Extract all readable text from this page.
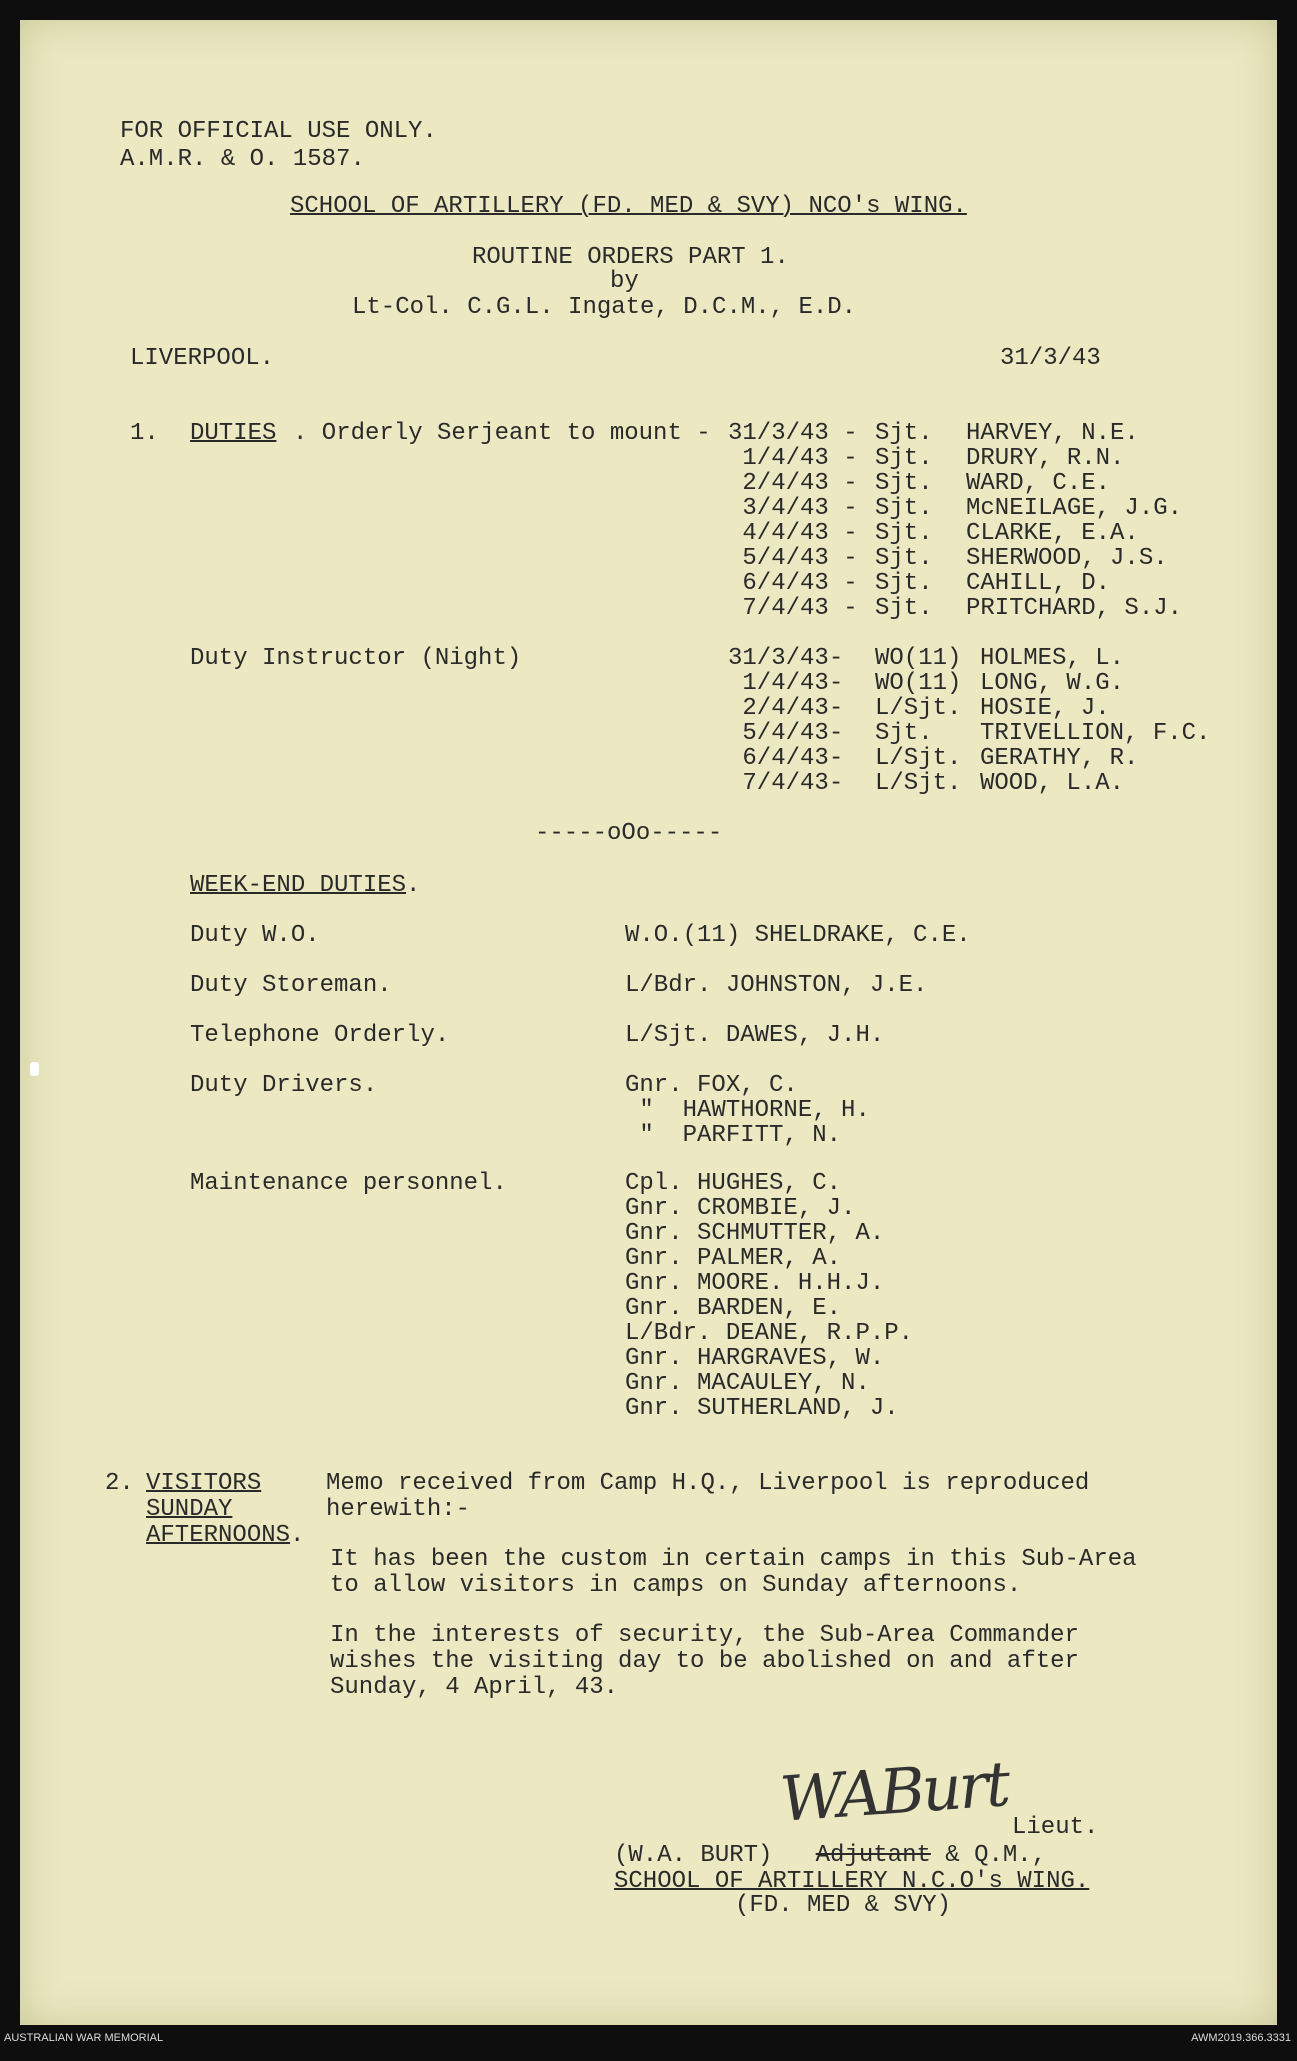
FOR OFFICIAL USE ONLY.
A.M.R. & O. 1587.
SCHOOL OF ARTILLERY (FD. MED & SVY) NCO's WING.
ROUTINE ORDERS PART 1.
by
Lt-Col. C.G.L. Ingate, D.C.M., E.D.
LIVERPOOL.	31/3/43
1. DUTIES . Orderly Serjeant to mount -
Duty Instructor (Night)
-----oOo-----
WEEK-END DUTIES.
2. VISITORS
SUNDAY
AFTERNOONS.
Memo received from Camp H.Q., Liverpool is reproduced
herewith:-
It has been the custom in certain camps in this Sub-Area
to allow visitors in camps on Sunday afternoons.
In the interests of security, the Sub-Area Commander
wishes the visiting day to be abolished on and after
Sunday, 4 April, 43.
WABurt Lieut.
(W.A. BURT) Adjutant & Q.M.,
SCHOOL OF ARTILLERY N.C.O's WING.
(FD. MED & SVY)
AUSTRALIAN WAR MEMORIAL	AWM2019.366.3331
31/3/43 - Sjt. HARVEY, N.E.
1/4/43 - Sjt. DRURY, R.N.
2/4/43 - Sjt. WARD, C.E.
3/4/43 - Sjt. McNEILAGE, J.G.
4/4/43 - Sjt. CLARKE, E.A.
5/4/43 - Sjt. SHERWOOD, J.S.
6/4/43 - Sjt. CAHILL, D.
7/4/43 - Sjt. PRITCHARD, S.J.
31/3/43- WO(11) HOLMES, L.
1/4/43- WO(11) LONG, W.G.
2/4/43- L/Sjt. HOSIE, J.
5/4/43- Sjt. TRIVELLION, F.C.
6/4/43- L/Sjt. GERATHY, R.
7/4/43- L/Sjt. WOOD, L.A.
Duty W.O.	W.O.(11) SHELDRAKE, C.E.
Duty Storeman.	L/Bdr. JOHNSTON, J.E.
Telephone Orderly.	L/Sjt. DAWES, J.H.
Duty Drivers.	Gnr. FOX, C.
"  HAWTHORNE, H.
"  PARFITT, N.
Maintenance personnel.	Cpl. HUGHES, C.
Gnr. CROMBIE, J.
Gnr. SCHMUTTER, A.
Gnr. PALMER, A.
Gnr. MOORE. H.H.J.
Gnr. BARDEN, E.
L/Bdr. DEANE, R.P.P.
Gnr. HARGRAVES, W.
Gnr. MACAULEY, N.
Gnr. SUTHERLAND, J.
